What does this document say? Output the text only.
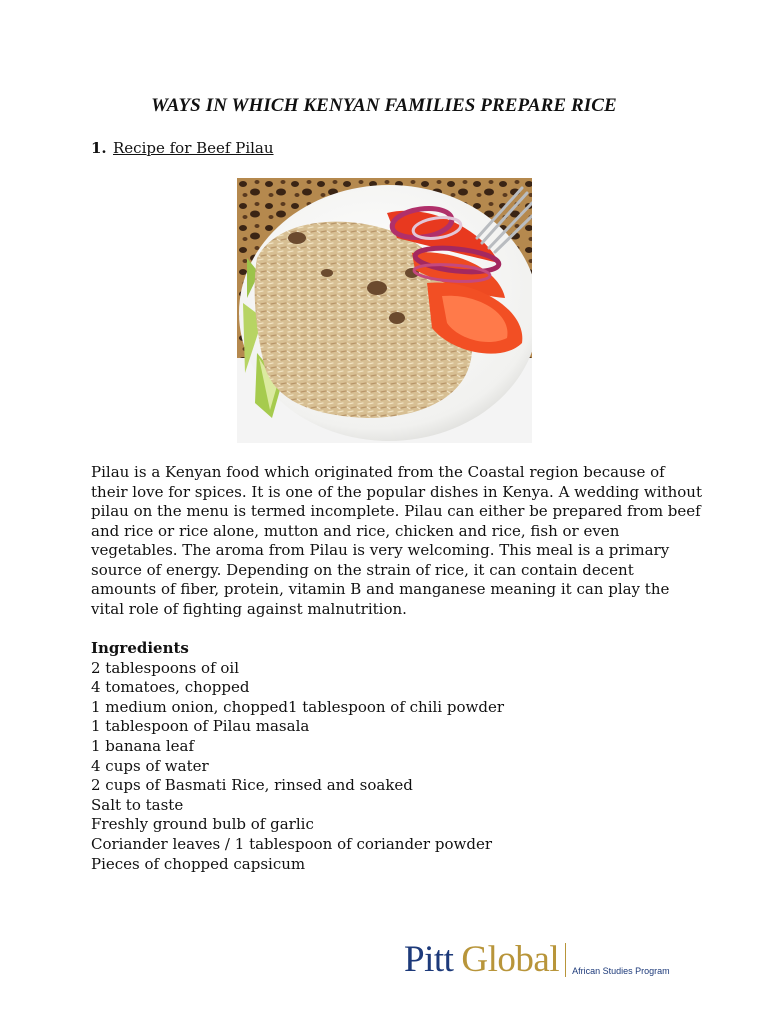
WAYS IN WHICH KENYAN FAMILIES PREPARE RICE
1. Recipe for Beef Pilau

Pilau is a Kenyan food which originated from the Coastal region because of

their love for spices. It is one of the popular dishes in Kenya. A wedding without

pilau on the menu is termed incomplete. Pilau can either be prepared from beef

and rice or rice alone, mutton and rice, chicken and rice, fish or even

vegetables. The aroma from Pilau is very welcoming. This meal is a primary

source of energy. Depending on the strain of rice, it can contain decent

amounts of fiber, protein, vitamin B and manganese meaning it can play the

vital role of fighting against malnutrition.

Ingredients
2 tablespoons of oil
4 tomatoes, chopped
1 medium onion, chopped1 tablespoon of chili powder
1 tablespoon of Pilau masala
1 banana leaf
4 cups of water
2 cups of Basmati Rice, rinsed and soaked
Salt to taste
Freshly ground bulb of garlic
Coriander leaves / 1 tablespoon of coriander powder
Pieces of chopped capsicum
Pitt Global African Studies Program
